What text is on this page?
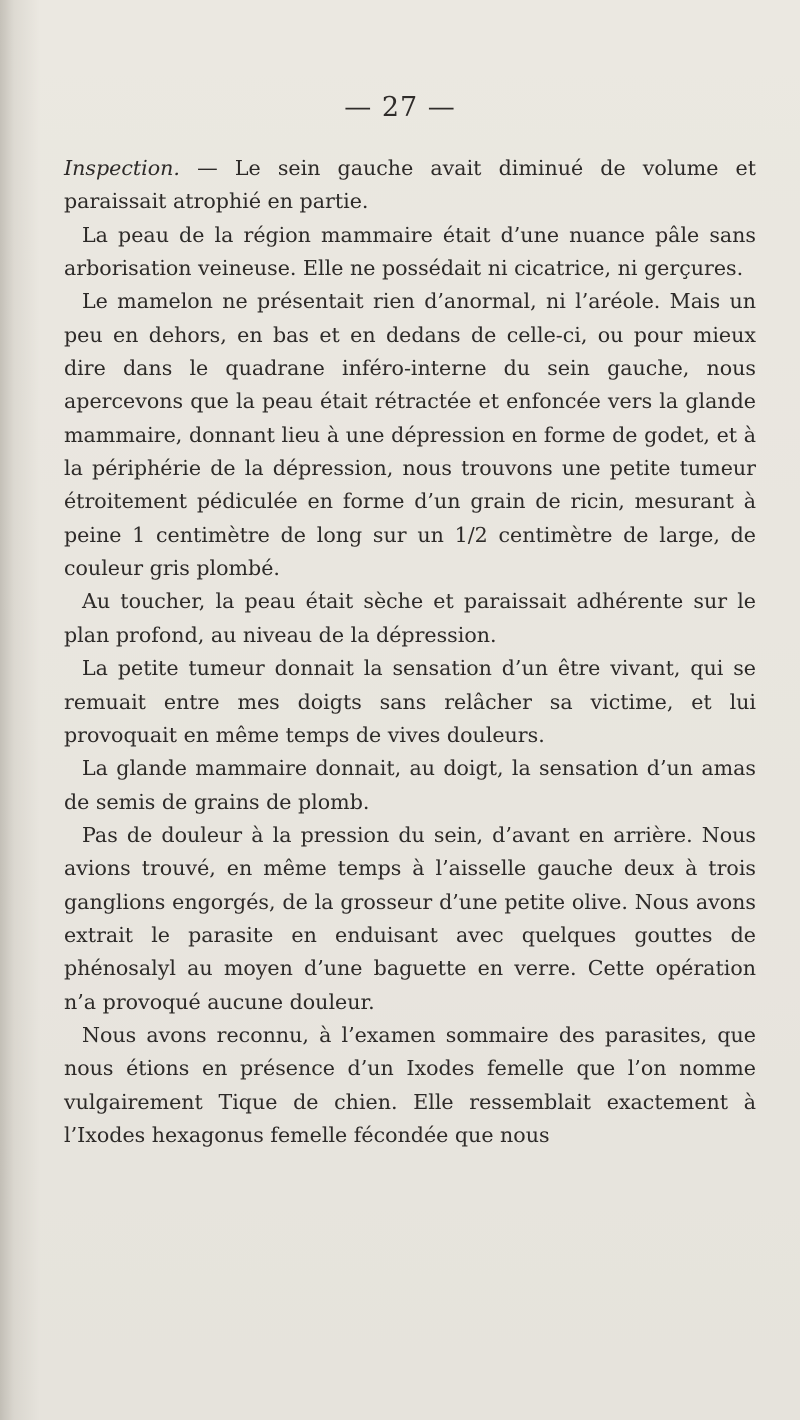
— 27 —

Inspection. — Le sein gauche avait diminué de volume et paraissait atrophié en partie.

La peau de la région mammaire était d’une nuance pâle sans arborisation veineuse. Elle ne possédait ni cicatrice, ni gerçures.

Le mamelon ne présentait rien d’anormal, ni l’aréole. Mais un peu en dehors, en bas et en dedans de celle-ci, ou pour mieux dire dans le quadrane inféro-interne du sein gauche, nous apercevons que la peau était rétractée et enfoncée vers la glande mammaire, donnant lieu à une dépression en forme de godet, et à la périphérie de la dépression, nous trouvons une petite tumeur étroitement pédiculée en forme d’un grain de ricin, mesurant à peine 1 centimètre de long sur un 1/2 centimètre de large, de couleur gris plombé.

Au toucher, la peau était sèche et paraissait adhérente sur le plan profond, au niveau de la dépression.

La petite tumeur donnait la sensation d’un être vivant, qui se remuait entre mes doigts sans relâcher sa victime, et lui provoquait en même temps de vives douleurs.

La glande mammaire donnait, au doigt, la sensation d’un amas de semis de grains de plomb.

Pas de douleur à la pression du sein, d’avant en arrière. Nous avions trouvé, en même temps à l’aisselle gauche deux à trois ganglions engorgés, de la grosseur d’une petite olive. Nous avons extrait le parasite en enduisant avec quelques gouttes de phénosalyl au moyen d’une baguette en verre. Cette opération n’a provoqué aucune douleur.

Nous avons reconnu, à l’examen sommaire des parasites, que nous étions en présence d’un Ixodes femelle que l’on nomme vulgairement Tique de chien. Elle ressemblait exactement à l’Ixodes hexagonus femelle fécondée que nous
